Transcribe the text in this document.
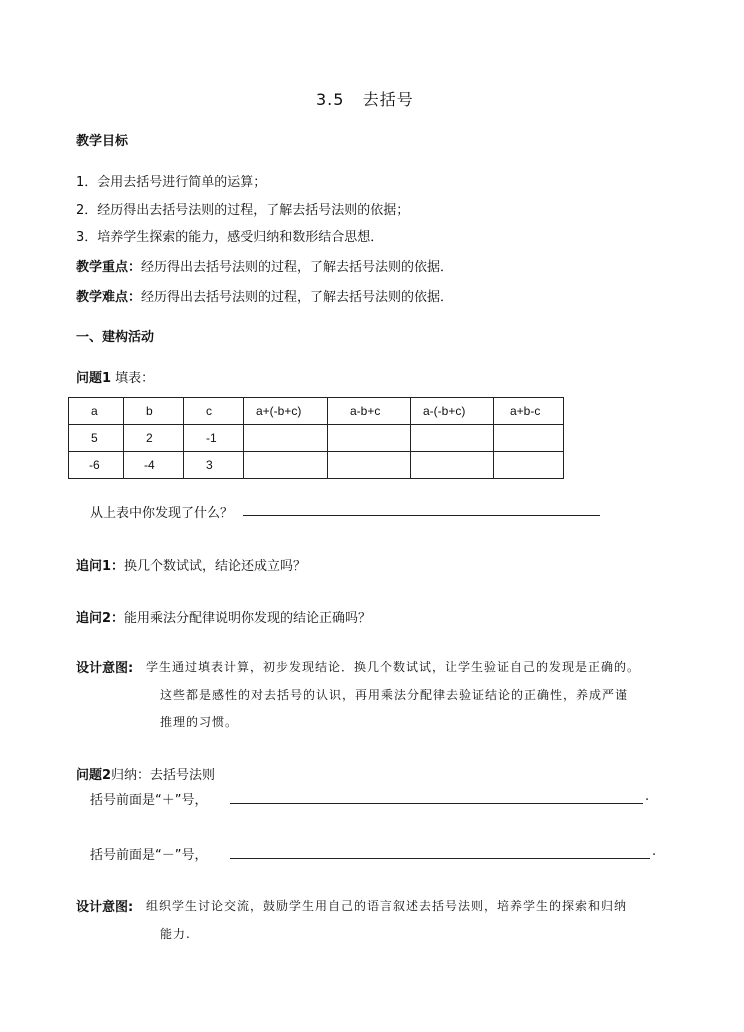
3.5   去括号
教学目标
1．会用去括号进行简单的运算；
2．经历得出去括号法则的过程，了解去括号法则的依据；
3．培养学生探索的能力，感受归纳和数形结合思想．
教学重点：经历得出去括号法则的过程，了解去括号法则的依据．
教学难点：经历得出去括号法则的过程，了解去括号法则的依据．
一、建构活动
问题1 填表：
a	b	c	a+(-b+c)	a-b+c	a-(-b+c)	a+b-c
5	2	-1				
-6	-4	3				
从上表中你发现了什么？
追问1：换几个数试试，结论还成立吗？
追问2：能用乘法分配律说明你发现的结论正确吗？
设计意图: 学生通过填表计算，初步发现结论．换几个数试试，让学生验证自己的发现是正确的。
这些都是感性的对去括号的认识，再用乘法分配律去验证结论的正确性，养成严谨
推理的习惯。
问题2归纳：去括号法则
括号前面是“＋”号，	.
括号前面是“－”号，	.
设计意图: 组织学生讨论交流，鼓励学生用自己的语言叙述去括号法则，培养学生的探索和归纳
能力.
